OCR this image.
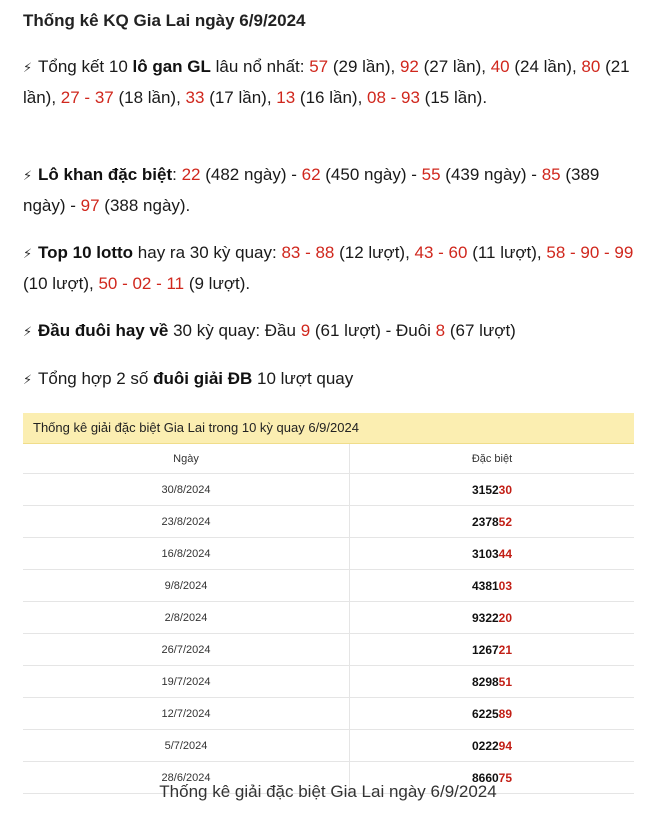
Thống kê KQ Gia Lai ngày 6/9/2024
⚡ Tổng kết 10 lô gan GL lâu nổ nhất: 57 (29 lần), 92 (27 lần), 40 (24 lần), 80 (21 lần), 27 - 37 (18 lần), 33 (17 lần), 13 (16 lần), 08 - 93 (15 lần).
⚡ Lô khan đặc biệt: 22 (482 ngày) - 62 (450 ngày) - 55 (439 ngày) - 85 (389 ngày) - 97 (388 ngày).
⚡ Top 10 lotto hay ra 30 kỳ quay: 83 - 88 (12 lượt), 43 - 60 (11 lượt), 58 - 90 - 99 (10 lượt), 50 - 02 - 11 (9 lượt).
⚡ Đầu đuôi hay về 30 kỳ quay: Đầu 9 (61 lượt) - Đuôi 8 (67 lượt)
⚡ Tổng hợp 2 số đuôi giải ĐB 10 lượt quay
Thống kê giải đặc biệt Gia Lai trong 10 kỳ quay 6/9/2024
Ngày	Đặc biệt
30/8/2024	315230
23/8/2024	237852
16/8/2024	310344
9/8/2024	438103
2/8/2024	932220
26/7/2024	126721
19/7/2024	829851
12/7/2024	622589
5/7/2024	022294
28/6/2024	866075
Thống kê giải đặc biệt Gia Lai ngày 6/9/2024
